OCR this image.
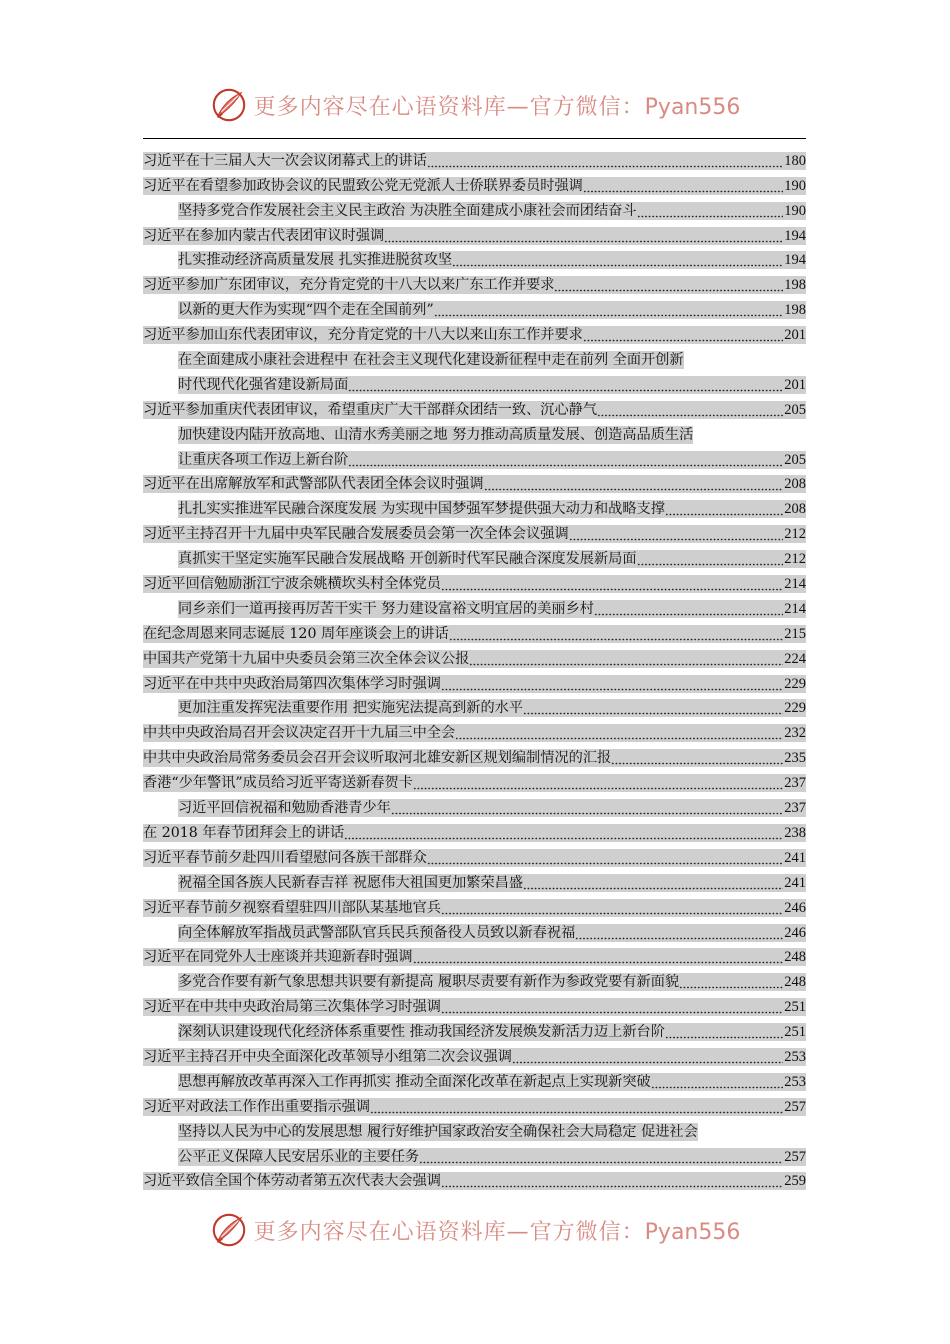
更多内容尽在心语资料库—官方微信：Pyan556
习近平在十三届人大一次会议闭幕式上的讲话	180
习近平在看望参加政协会议的民盟致公党无党派人士侨联界委员时强调	190
坚持多党合作发展社会主义民主政治 为决胜全面建成小康社会而团结奋斗	190
习近平在参加内蒙古代表团审议时强调	194
扎实推动经济高质量发展 扎实推进脱贫攻坚	194
习近平参加广东团审议，充分肯定党的十八大以来广东工作并要求	198
以新的更大作为实现“四个走在全国前列”	198
习近平参加山东代表团审议，充分肯定党的十八大以来山东工作并要求	201
在全面建成小康社会进程中 在社会主义现代化建设新征程中走在前列 全面开创新
时代现代化强省建设新局面	201
习近平参加重庆代表团审议，希望重庆广大干部群众团结一致、沉心静气	205
加快建设内陆开放高地、山清水秀美丽之地 努力推动高质量发展、创造高品质生活
让重庆各项工作迈上新台阶	205
习近平在出席解放军和武警部队代表团全体会议时强调	208
扎扎实实推进军民融合深度发展 为实现中国梦强军梦提供强大动力和战略支撑	208
习近平主持召开十九届中央军民融合发展委员会第一次全体会议强调	212
真抓实干坚定实施军民融合发展战略 开创新时代军民融合深度发展新局面	212
习近平回信勉励浙江宁波余姚横坎头村全体党员	214
同乡亲们一道再接再厉苦干实干 努力建设富裕文明宜居的美丽乡村	214
在纪念周恩来同志诞辰 120 周年座谈会上的讲话	215
中国共产党第十九届中央委员会第三次全体会议公报	224
习近平在中共中央政治局第四次集体学习时强调	229
更加注重发挥宪法重要作用 把实施宪法提高到新的水平	229
中共中央政治局召开会议决定召开十九届三中全会	232
中共中央政治局常务委员会召开会议听取河北雄安新区规划编制情况的汇报	235
香港“少年警讯”成员给习近平寄送新春贺卡	237
习近平回信祝福和勉励香港青少年	237
在 2018 年春节团拜会上的讲话	238
习近平春节前夕赴四川看望慰问各族干部群众	241
祝福全国各族人民新春吉祥 祝愿伟大祖国更加繁荣昌盛	241
习近平春节前夕视察看望驻四川部队某基地官兵	246
向全体解放军指战员武警部队官兵民兵预备役人员致以新春祝福	246
习近平在同党外人士座谈并共迎新春时强调	248
多党合作要有新气象思想共识要有新提高 履职尽责要有新作为参政党要有新面貌	248
习近平在中共中央政治局第三次集体学习时强调	251
深刻认识建设现代化经济体系重要性 推动我国经济发展焕发新活力迈上新台阶	251
习近平主持召开中央全面深化改革领导小组第二次会议强调	253
思想再解放改革再深入工作再抓实 推动全面深化改革在新起点上实现新突破	253
习近平对政法工作作出重要指示强调	257
坚持以人民为中心的发展思想 履行好维护国家政治安全确保社会大局稳定 促进社会
公平正义保障人民安居乐业的主要任务	257
习近平致信全国个体劳动者第五次代表大会强调	259
更多内容尽在心语资料库—官方微信：Pyan556
